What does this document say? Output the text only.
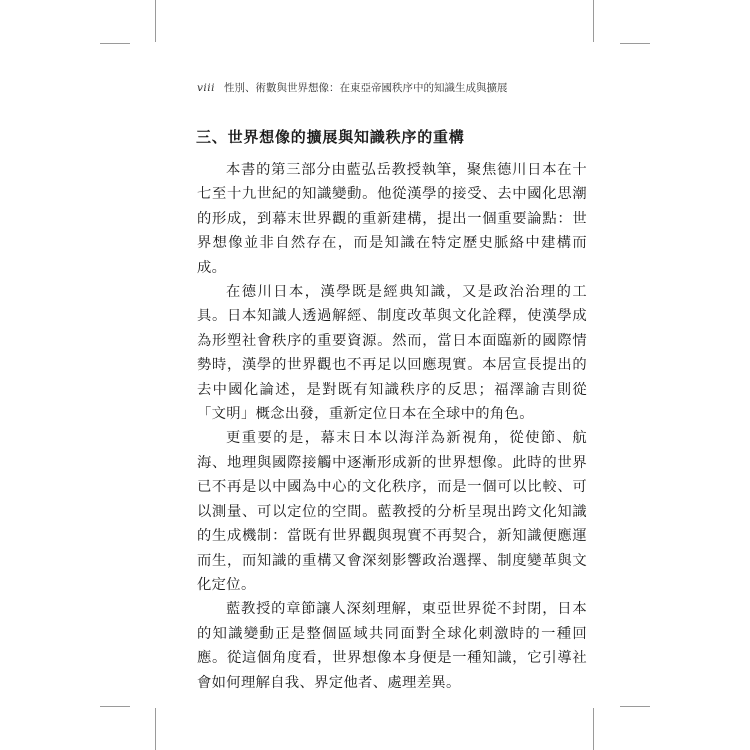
viii 性別、術數與世界想像：在東亞帝國秩序中的知識生成與擴展
三、世界想像的擴展與知識秩序的重構

本書的第三部分由藍弘岳教授執筆，聚焦德川日本在十七至十九世紀的知識變動。他從漢學的接受、去中國化思潮的形成，到幕末世界觀的重新建構，提出一個重要論點：世界想像並非自然存在，而是知識在特定歷史脈絡中建構而成。

在德川日本，漢學既是經典知識，又是政治治理的工具。日本知識人透過解經、制度改革與文化詮釋，使漢學成為形塑社會秩序的重要資源。然而，當日本面臨新的國際情勢時，漢學的世界觀也不再足以回應現實。本居宣長提出的去中國化論述，是對既有知識秩序的反思；福澤諭吉則從「文明」概念出發，重新定位日本在全球中的角色。

更重要的是，幕末日本以海洋為新視角，從使節、航海、地理與國際接觸中逐漸形成新的世界想像。此時的世界已不再是以中國為中心的文化秩序，而是一個可以比較、可以測量、可以定位的空間。藍教授的分析呈現出跨文化知識的生成機制：當既有世界觀與現實不再契合，新知識便應運而生，而知識的重構又會深刻影響政治選擇、制度變革與文化定位。

藍教授的章節讓人深刻理解，東亞世界從不封閉，日本的知識變動正是整個區域共同面對全球化刺激時的一種回應。從這個角度看，世界想像本身便是一種知識，它引導社會如何理解自我、界定他者、處理差異。
